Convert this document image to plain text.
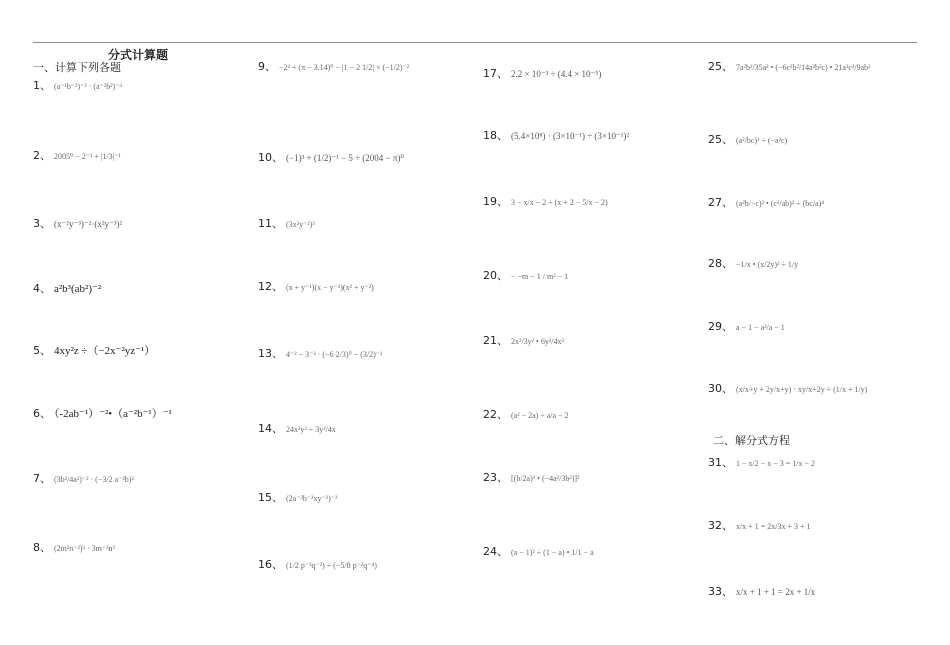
分式计算题
一、计算下列各题
二、解分式方程
1、 (a⁻¹b⁻²)⁻² · (a⁻²b²)⁻³
2、 2005⁰ − 2⁻¹ + |1/3|⁻¹
3、 (x⁻²y⁻³)⁻²·(x²y⁻³)²
4、 a²b³(ab²)⁻²
5、 4xy²z ÷（−2x⁻²yz⁻¹）
6、 （-2ab⁻¹）⁻²•（a⁻²b⁻¹）⁻¹
7、 (3b²/4a²)⁻² · (−3/2 a⁻²b)²
8、 (2m²n⁻²)³ · 3m⁻³n³
9、 −2² + (π − 3.14)⁰ − |1 − 2 1/2| × (−1/2)⁻²
10、 (−1)³ + (1/2)⁻¹ − 5 ÷ (2004 − π)⁰
11、 (3x²y⁻²)³
12、 (x + y⁻¹)(x − y⁻¹)(x² + y⁻²)
13、 4⁻² − 3⁻² · (−6 2/3)⁰ − (3/2)⁻¹
14、 24x²y³ ÷ 3y²/4x
15、 (2a⁻³b⁻²xy⁻²)⁻²
16、 (1/2 p⁻³q⁻²) ÷ (−5/8 p⁻²q⁻⁴)
17、 2.2 × 10⁻³ ÷ (4.4 × 10⁻⁵)
18、 (5.4×10⁸) · (3×10⁻¹) ÷ (3×10⁻¹)²
19、 3 − x/x − 2 ÷ (x + 2 − 5/x − 2)
20、 − −m − 1 / m² − 1
21、 2x²/3y² • 6y²/4x³
22、 (a² − 2a) ÷ a/a − 2
23、 [(b/2a)³ • (−4a²/3b²)]²
24、 (a − 1)² ÷ (1 − a) • 1/1 − a
25、 7a²b²/35a² • (−6c²b²/14a²b²c) • 21a²c²/9ab²
25、 (a²/bc)³ ÷ (−a²c)
27、 (a²b/−c)³ • (c²/ab)² ÷ (bc/a)⁴
28、 −1/x • (x/2y)² ÷ 1/y
29、 a − 1 − a²/a − 1
30、 (x/x+y + 2y/x+y) · xy/x+2y ÷ (1/x + 1/y)
31、 1 − x/2 − x − 3 = 1/x − 2
32、 x/x + 1 = 2x/3x + 3 + 1
33、 x/x + 1 + 1 = 2x + 1/x
